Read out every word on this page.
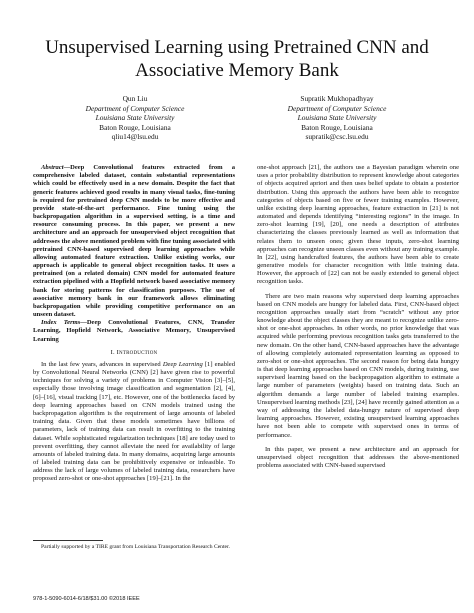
Unsupervised Learning using Pretrained CNN and
Associative Memory Bank
Qun Liu
Department of Computer Science
Louisiana State University
Baton Rouge, Louisiana
qliu14@lsu.edu
Supratik Mukhopadhyay
Department of Computer Science
Louisiana State University
Baton Rouge, Louisiana
supratik@csc.lsu.edu

Abstract—Deep Convolutional features extracted from a comprehensive labeled dataset, contain substantial representations which could be effectively used in a new domain. Despite the fact that generic features achieved good results in many visual tasks, fine-tuning is required for pretrained deep CNN models to be more effective and provide state-of-the-art performance. Fine tuning using the backpropagation algorithm in a supervised setting, is a time and resource consuming process. In this paper, we present a new architecture and an approach for unsupervised object recognition that addresses the above mentioned problem with fine tuning associated with pretrained CNN-based supervised deep learning approaches while allowing automated feature extraction. Unlike existing works, our approach is applicable to general object recognition tasks. It uses a pretrained (on a related domain) CNN model for automated feature extraction pipelined with a Hopfield network based associative memory bank for storing patterns for classification purposes. The use of associative memory bank in our framework allows eliminating backpropagation while providing competitive performance on an unseen dataset.

Index Terms—Deep Convolutional Features, CNN, Transfer Learning, Hopfield Network, Associative Memory, Unsupervised Learning

I. Introduction

In the last few years, advances in supervised Deep Learning [1] enabled by Convolutional Neural Networks (CNN) [2] have given rise to powerful techniques for solving a variety of problems in Computer Vision [3]–[5], especially those involving image classification and segmentation [2], [4], [6]–[16], visual tracking [17], etc. However, one of the bottlenecks faced by deep learning approaches based on CNN models trained using the backpropagation algorithm is the requirement of large amounts of labeled training data. Given that these models sometimes have billions of parameters, lack of training data can result in overfitting to the training dataset. While sophisticated regularization techniques [18] are today used to prevent overfitting, they cannot alleviate the need for availability of large amounts of labeled training data. In many domains, acquiring large amounts of labeled training data can be prohibitively expensive or infeasible. To address the lack of large volumes of labeled training data, researchers have proposed zero-shot or one-shot approaches [19]–[21]. In the

Partially supported by a TIRE grant from Louisiana Transportation Research Center.
978-1-5090-6014-6/18/$31.00 ©2018 IEEE

one-shot approach [21], the authors use a Bayesian paradigm wherein one uses a prior probability distribution to represent knowledge about categories of objects acquired apriori and then uses belief update to obtain a posterior distribution. Using this approach the authors have been able to recognize categories of objects based on five or fewer training examples. However, unlike existing deep learning approaches, feature extraction in [21] is not automated and depends identifying “interesting regions” in the image. In zero-shot learning [19], [20], one needs a description of attributes characterizing the classes previously learned as well as information that relates them to unseen ones; given these inputs, zero-shot learning approaches can recognize unseen classes even without any training example. In [22], using handcrafted features, the authors have been able to create generative models for character recognition with little training data. However, the approach of [22] can not be easily extended to general object recognition tasks.

There are two main reasons why supervised deep learning approaches based on CNN models are hungry for labeled data. First, CNN-based object recognition approaches usually start from “scratch” without any prior knowledge about the object classes they are meant to recognize unlike zero-shot or one-shot approaches. In other words, no prior knowledge that was acquired while performing previous recognition tasks gets transferred to the new domain. On the other hand, CNN-based approaches have the advantage of allowing completely automated representation learning as opposed to zero-shot or one-shot approaches. The second reason for being data hungry is that deep learning approaches based on CNN models, during training, use supervised learning based on the backpropagation algorithm to estimate a large number of parameters (weights) based on training data. Such an algorithm demands a large number of labeled training examples. Unsupervised learning methods [23], [24] have recently gained attention as a way of addressing the labeled data-hungry nature of supervised deep learning approaches. However, existing unsupervised learning approaches have not been able to compete with supervised ones in terms of performance.

In this paper, we present a new architecture and an approach for unsupervised object recognition that addresses the above-mentioned problems associated with CNN-based supervised
